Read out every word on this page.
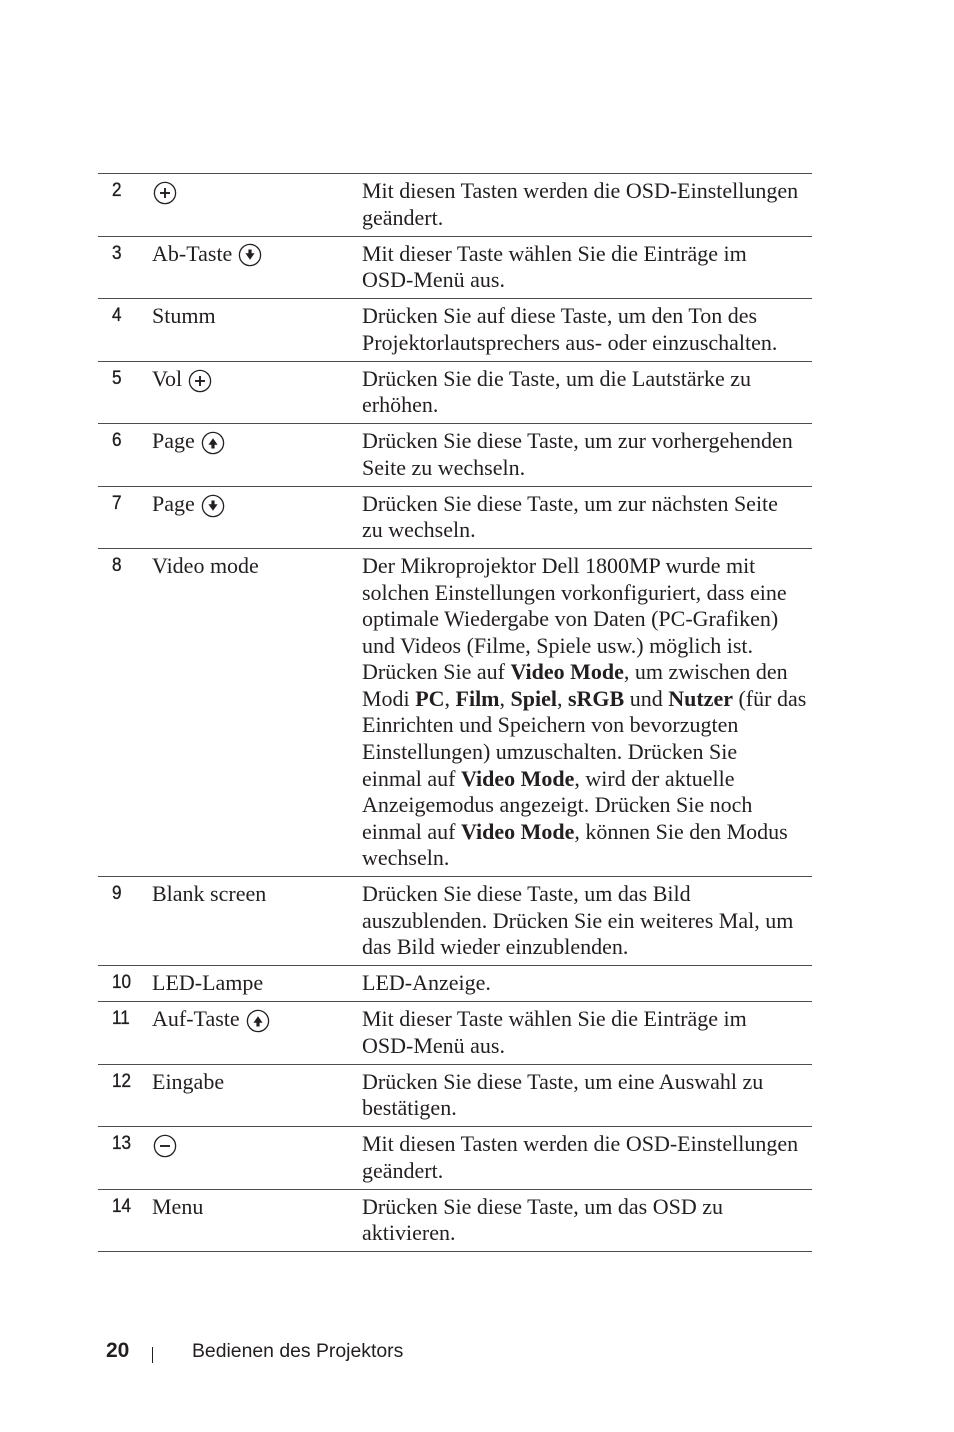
2	Mit diesen Tasten werden die OSD-Einstellungen
geändert.
3	Ab-Taste	Mit dieser Taste wählen Sie die Einträge im
OSD-Menü aus.
4	Stumm	Drücken Sie auf diese Taste, um den Ton des
Projektorlautsprechers aus- oder einzuschalten.
5	Vol	Drücken Sie die Taste, um die Lautstärke zu
erhöhen.
6	Page	Drücken Sie diese Taste, um zur vorhergehenden
Seite zu wechseln.
7	Page	Drücken Sie diese Taste, um zur nächsten Seite
zu wechseln.
8	Video mode	Der Mikroprojektor Dell 1800MP wurde mit
solchen Einstellungen vorkonfiguriert, dass eine
optimale Wiedergabe von Daten (PC-Grafiken)
und Videos (Filme, Spiele usw.) möglich ist.
Drücken Sie auf Video Mode, um zwischen den
Modi PC, Film, Spiel, sRGB und Nutzer (für das
Einrichten und Speichern von bevorzugten
Einstellungen) umzuschalten. Drücken Sie
einmal auf Video Mode, wird der aktuelle
Anzeigemodus angezeigt. Drücken Sie noch
einmal auf Video Mode, können Sie den Modus
wechseln.
9	Blank screen	Drücken Sie diese Taste, um das Bild
auszublenden. Drücken Sie ein weiteres Mal, um
das Bild wieder einzublenden.
10 LED-Lampe	LED-Anzeige.
11	Auf-Taste	Mit dieser Taste wählen Sie die Einträge im
OSD-Menü aus.
12 Eingabe	Drücken Sie diese Taste, um eine Auswahl zu
bestätigen.
13	Mit diesen Tasten werden die OSD-Einstellungen
geändert.
14 Menu	Drücken Sie diese Taste, um das OSD zu
aktivieren.
20	Bedienen des Projektors
